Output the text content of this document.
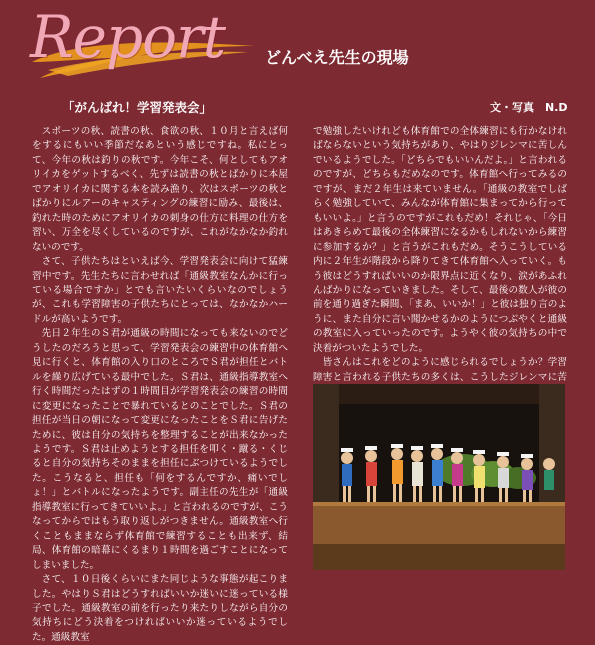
Report どんべえ先生の現場
「がんばれ！学習発表会」	文・写真　N.D

スポーツの秋、読書の秋、食欲の秋、１０月と言えば何をするにもいい季節だなあという感じですね。私にとって、今年の秋は釣りの秋です。今年こそ、何としてもアオリイカをゲットするべく、先ずは読書の秋とばかりに本屋でアオリイカに関する本を読み漁り、次はスポーツの秋とばかりにルアーのキャスティングの練習に励み、最後は、釣れた時のためにアオリイカの刺身の仕方に料理の仕方を習い、万全を尽くしているのですが、これがなかなか釣れないのです。

さて、子供たちはといえば今、学習発表会に向けて猛練習中です。先生たちに言わせれば「通級教室なんかに行っている場合ですか」とでも言いたいくらいなのでしょうが、これも学習障害の子供たちにとっては、なかなかハードルが高いようです。

先日２年生のＳ君が通級の時間になっても来ないのでどうしたのだろうと思って、学習発表会の練習中の体育館へ見に行くと、体育館の入り口のところでＳ君が担任とバトルを繰り広げている最中でした。Ｓ君は、通級指導教室へ行く時間だったはずの１時間目が学習発表会の練習の時間に変更になったことで暴れているとのことでした。Ｓ君の担任が当日の朝になって変更になったことをＳ君に告げたために、彼は自分の気持ちを整理することが出来なかったようです。Ｓ君は止めようとする担任を叩く・蹴る・くじると自分の気持ちそのままを担任にぶつけているようでした。こうなると、担任も「何をするんですか、痛いでしょ！」とバトルになったようです。副主任の先生が「通級指導教室に行ってきていいよ。」と言われるのですが、こうなってからではもう取り返しがつきません。通級教室へ行くこともままならず体育館で練習することも出来ず、結局、体育館の暗幕にくるまり１時間を過ごすことになってしまいました。

さて、１０日後くらいにまた同じような事態が起こりました。やはりＳ君はどうすればいいか迷いに迷っている様子でした。通級教室の前を行ったり来たりしながら自分の気持ちにどう決着をつければいいか迷っているようでした。通級教室

で勉強したいけれども体育館での全体練習にも行かなければならないという気持ちがあり、やはりジレンマに苦しんでいるようでした。「どちらでもいいんだよ。」と言われるのですが、どちらもだめなのです。体育館へ行ってみるのですが、まだ２年生は来ていません。「通級の教室でしばらく勉強していて、みんなが体育館に集まってから行ってもいいよ。」と言うのですがこれもだめ！それじゃ、「今日はあきらめて最後の全体練習になるかもしれないから練習に参加するか？」と言うがこれもだめ。そうこうしている内に２年生が階段から降りてきて体育館へ入っていく。もう彼はどうすればいいのか限界点に近くなり、涙があふれんばかりになっていきました。そして、最後の数人が彼の前を通り過ぎた瞬間、「まあ、いいか！」と彼は独り言のように、また自分に言い聞かせるかのようにつぶやくと通級の教室に入っていったのです。ようやく彼の気持ちの中で決着がついたようでした。

皆さんはこれをどのように感じられるでしょうか？学習障害と言われる子供たちの多くは、こうしたジレンマに苦
